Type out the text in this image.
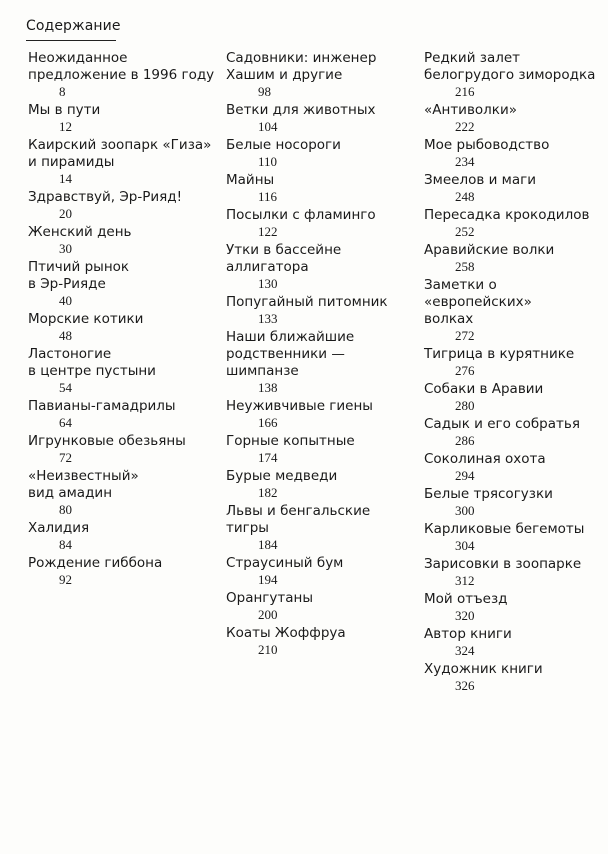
Содержание
Неожиданное
предложение в 1996 году
8
Мы в пути
12
Каирский зоопарк «Гиза»
и пирамиды
14
Здравствуй, Эр-Рияд!
20
Женский день
30
Птичий рынок
в Эр-Рияде
40
Морские котики
48
Ластоногие
в центре пустыни
54
Павианы-гамадрилы
64
Игрунковые обезьяны
72
«Неизвестный»
вид амадин
80
Халидия
84
Рождение гиббона
92
Садовники: инженер
Хашим и другие
98
Ветки для животных
104
Белые носороги
110
Майны
116
Посылки с фламинго
122
Утки в бассейне
аллигатора
130
Попугайный питомник
133
Наши ближайшие
родственники —
шимпанзе
138
Неуживчивые гиены
166
Горные копытные
174
Бурые медведи
182
Львы и бенгальские
тигры
184
Страусиный бум
194
Орангутаны
200
Коаты Жоффруа
210
Редкий залет
белогрудого зимородка
216
«Антиволки»
222
Мое рыбоводство
234
Змеелов и маги
248
Пересадка крокодилов
252
Аравийские волки
258
Заметки о «европейских»
волках
272
Тигрица в курятнике
276
Собаки в Аравии
280
Садык и его собратья
286
Соколиная охота
294
Белые трясогузки
300
Карликовые бегемоты
304
Зарисовки в зоопарке
312
Мой отъезд
320
Автор книги
324
Художник книги
326
